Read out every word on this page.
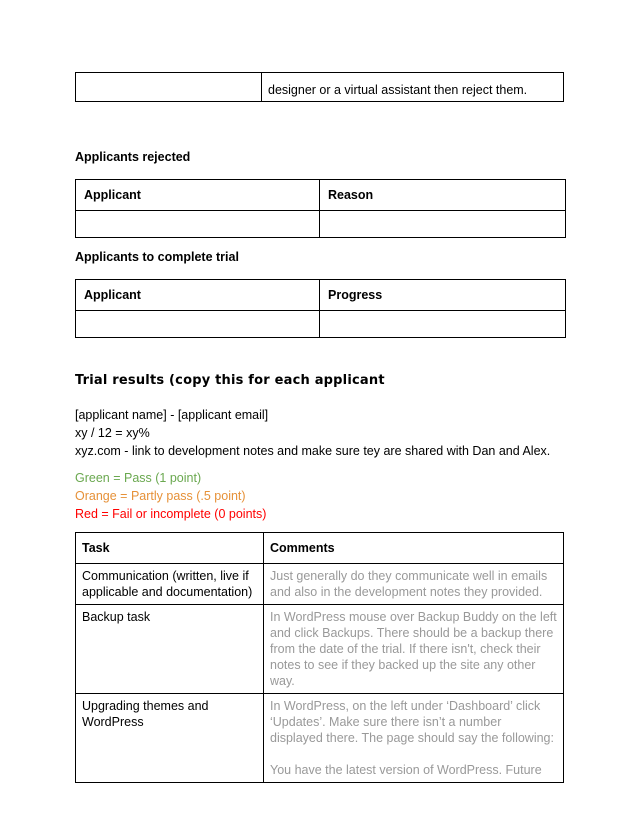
	designer or a virtual assistant then reject them.

Applicants rejected

Applicant	Reason

Applicants to complete trial

Applicant	Progress

Trial results (copy this for each applicant

[applicant name] - [applicant email]
xy / 12 = xy%
xyz.com - link to development notes and make sure tey are shared with Dan and Alex.
Green = Pass (1 point)
Orange = Partly pass (.5 point)
Red = Fail or incomplete (0 points)
Task	Comments
Communication (written, live if applicable and documentation)	Just generally do they communicate well in emails and also in the development notes they provided.
Backup task	In WordPress mouse over Backup Buddy on the left and click Backups. There should be a backup there from the date of the trial. If there isn't, check their notes to see if they backed up the site any other way.
Upgrading themes and WordPress	In WordPress, on the left under ‘Dashboard’ click ‘Updates’. Make sure there isn’t a number displayed there. The page should say the following:
You have the latest version of WordPress. Future
